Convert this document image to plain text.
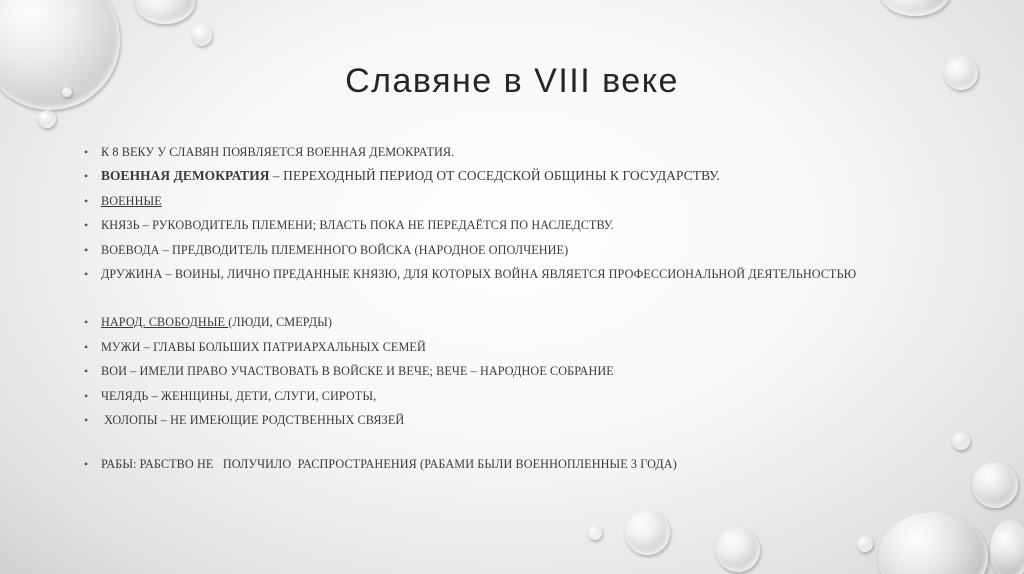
Славяне в VIII веке
• К 8 ВЕКУ У СЛАВЯН ПОЯВЛЯЕТСЯ ВОЕННАЯ ДЕМОКРАТИЯ.
• ВОЕННАЯ ДЕМОКРАТИЯ – ПЕРЕХОДНЫЙ ПЕРИОД ОТ СОСЕДСКОЙ ОБЩИНЫ К ГОСУДАРСТВУ.
• ВОЕННЫЕ
• КНЯЗЬ – РУКОВОДИТЕЛЬ ПЛЕМЕНИ; ВЛАСТЬ ПОКА НЕ ПЕРЕДАЁТСЯ ПО НАСЛЕДСТВУ.
• ВОЕВОДА – ПРЕДВОДИТЕЛЬ ПЛЕМЕННОГО ВОЙСКА (НАРОДНОЕ ОПОЛЧЕНИЕ)
• ДРУЖИНА – ВОИНЫ, ЛИЧНО ПРЕДАННЫЕ КНЯЗЮ, ДЛЯ КОТОРЫХ ВОЙНА ЯВЛЯЕТСЯ ПРОФЕССИОНАЛЬНОЙ ДЕЯТЕЛЬНОСТЬЮ
• НАРОД. СВОБОДНЫЕ (ЛЮДИ, СМЕРДЫ)
• МУЖИ – ГЛАВЫ БОЛЬШИХ ПАТРИАРХАЛЬНЫХ СЕМЕЙ
• ВОИ – ИМЕЛИ ПРАВО УЧАСТВОВАТЬ В ВОЙСКЕ И ВЕЧЕ; ВЕЧЕ – НАРОДНОЕ СОБРАНИЕ
• ЧЕЛЯДЬ – ЖЕНЩИНЫ, ДЕТИ, СЛУГИ, СИРОТЫ,
•  ХОЛОПЫ – НЕ ИМЕЮЩИЕ РОДСТВЕННЫХ СВЯЗЕЙ
• РАБЫ: РАБСТВО НЕ   ПОЛУЧИЛО  РАСПРОСТРАНЕНИЯ (РАБАМИ БЫЛИ ВОЕННОПЛЕННЫЕ 3 ГОДА)
